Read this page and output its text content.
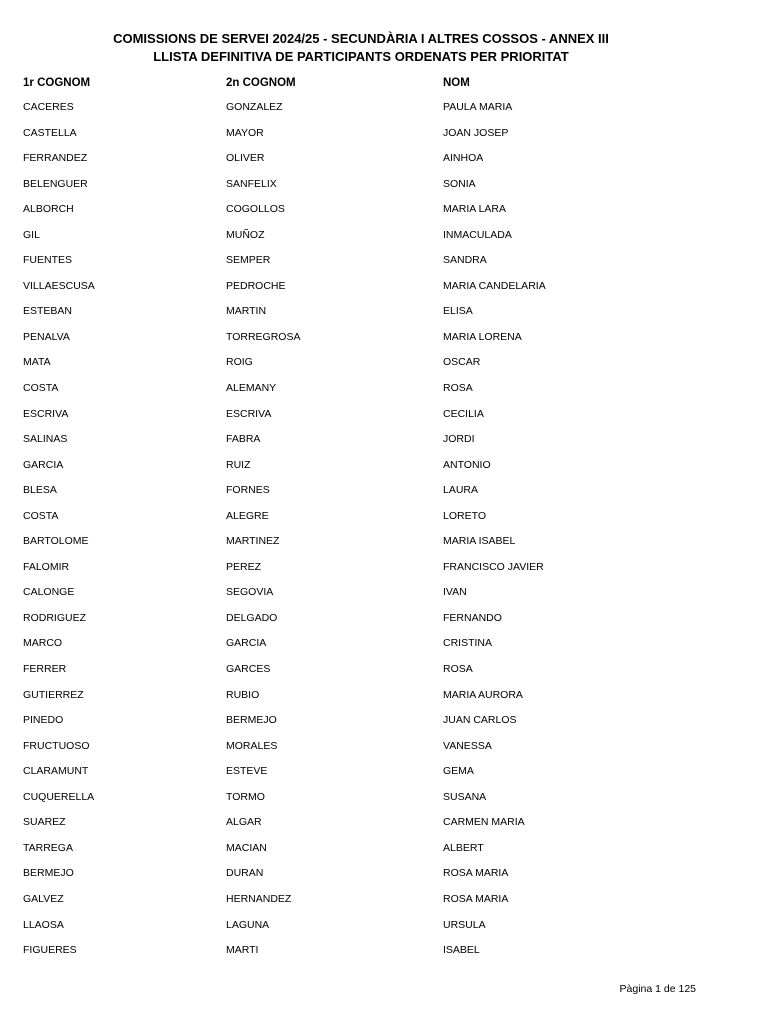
COMISSIONS DE SERVEI 2024/25 - SECUNDÀRIA I ALTRES COSSOS - ANNEX III
LLISTA DEFINITIVA DE PARTICIPANTS ORDENATS PER PRIORITAT
1r COGNOM	2n COGNOM	NOM
CACERES	GONZALEZ	PAULA MARIA
CASTELLA	MAYOR	JOAN JOSEP
FERRANDEZ	OLIVER	AINHOA
BELENGUER	SANFELIX	SONIA
ALBORCH	COGOLLOS	MARIA LARA
GIL	MUÑOZ	INMACULADA
FUENTES	SEMPER	SANDRA
VILLAESCUSA	PEDROCHE	MARIA CANDELARIA
ESTEBAN	MARTIN	ELISA
PENALVA	TORREGROSA	MARIA LORENA
MATA	ROIG	OSCAR
COSTA	ALEMANY	ROSA
ESCRIVA	ESCRIVA	CECILIA
SALINAS	FABRA	JORDI
GARCIA	RUIZ	ANTONIO
BLESA	FORNES	LAURA
COSTA	ALEGRE	LORETO
BARTOLOME	MARTINEZ	MARIA ISABEL
FALOMIR	PEREZ	FRANCISCO JAVIER
CALONGE	SEGOVIA	IVAN
RODRIGUEZ	DELGADO	FERNANDO
MARCO	GARCIA	CRISTINA
FERRER	GARCES	ROSA
GUTIERREZ	RUBIO	MARIA AURORA
PINEDO	BERMEJO	JUAN CARLOS
FRUCTUOSO	MORALES	VANESSA
CLARAMUNT	ESTEVE	GEMA
CUQUERELLA	TORMO	SUSANA
SUAREZ	ALGAR	CARMEN MARIA
TARREGA	MACIAN	ALBERT
BERMEJO	DURAN	ROSA MARIA
GALVEZ	HERNANDEZ	ROSA MARIA
LLAOSA	LAGUNA	URSULA
FIGUERES	MARTI	ISABEL
Pàgina 1 de 125
